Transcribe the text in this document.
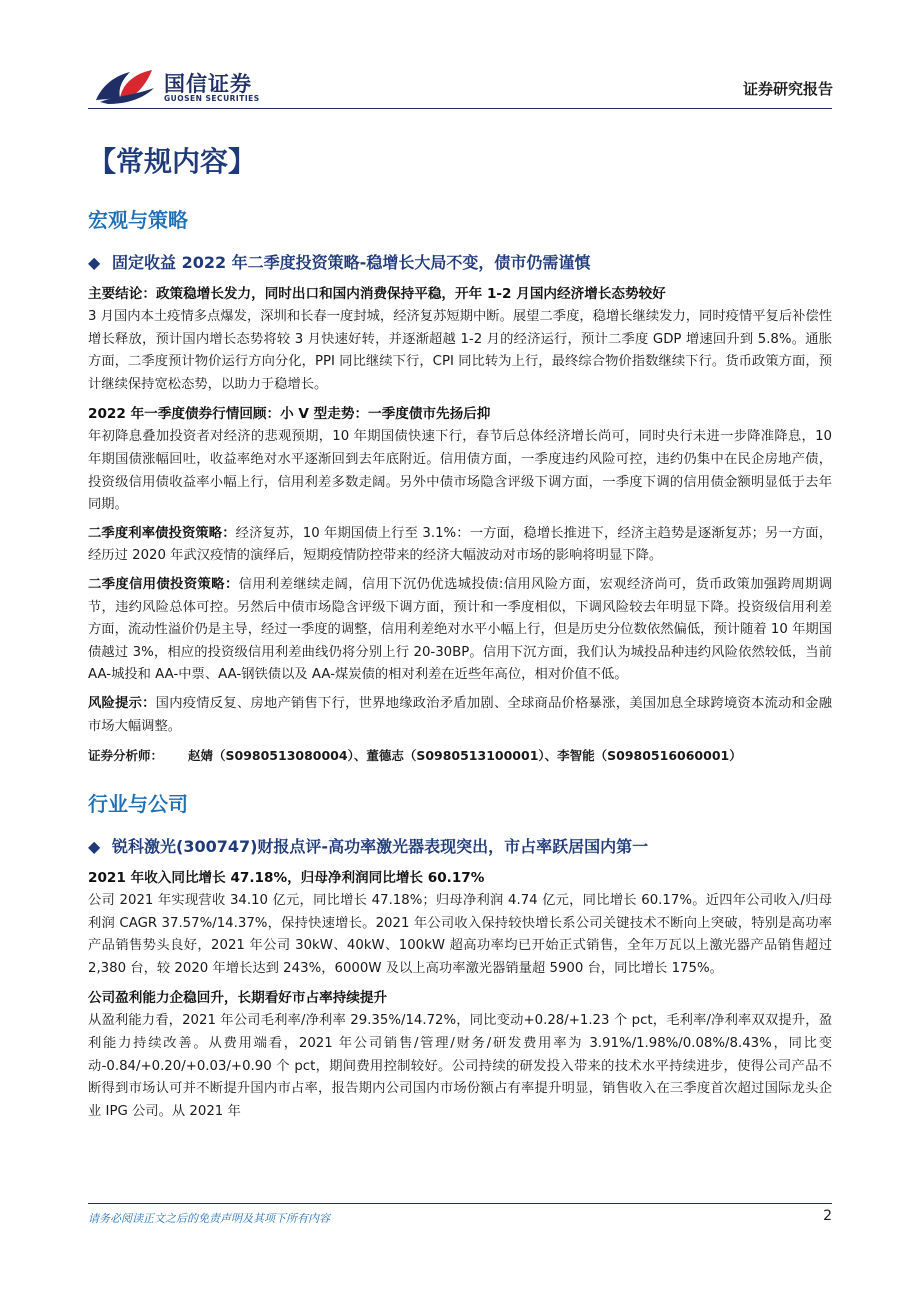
国信证券
GUOSEN SECURITIES
证券研究报告
【常规内容】
宏观与策略
◆ 固定收益 2022 年二季度投资策略-稳增长大局不变，债市仍需谨慎
主要结论：政策稳增长发力，同时出口和国内消费保持平稳，开年 1-2 月国内经济增长态势较好
3 月国内本土疫情多点爆发，深圳和长春一度封城，经济复苏短期中断。展望二季度，稳增长继续发力，同时疫情平复后补偿性增长释放，预计国内增长态势将较 3 月快速好转，并逐渐超越 1-2 月的经济运行，预计二季度 GDP 增速回升到 5.8%。通胀方面，二季度预计物价运行方向分化，PPI 同比继续下行，CPI 同比转为上行，最终综合物价指数继续下行。货币政策方面，预计继续保持宽松态势，以助力于稳增长。
2022 年一季度债券行情回顾：小 V 型走势：一季度债市先扬后抑
年初降息叠加投资者对经济的悲观预期，10 年期国债快速下行，春节后总体经济增长尚可，同时央行未进一步降准降息，10 年期国债涨幅回吐，收益率绝对水平逐渐回到去年底附近。信用债方面，一季度违约风险可控，违约仍集中在民企房地产债，投资级信用债收益率小幅上行，信用利差多数走阔。另外中债市场隐含评级下调方面，一季度下调的信用债金额明显低于去年同期。
二季度利率债投资策略：经济复苏，10 年期国债上行至 3.1%：一方面，稳增长推进下，经济主趋势是逐渐复苏；另一方面，经历过 2020 年武汉疫情的演绎后，短期疫情防控带来的经济大幅波动对市场的影响将明显下降。
二季度信用债投资策略：信用利差继续走阔，信用下沉仍优选城投债:信用风险方面，宏观经济尚可，货币政策加强跨周期调节，违约风险总体可控。另然后中债市场隐含评级下调方面，预计和一季度相似，下调风险较去年明显下降。投资级信用利差方面，流动性溢价仍是主导，经过一季度的调整，信用利差绝对水平小幅上行，但是历史分位数依然偏低，预计随着 10 年期国债越过 3%，相应的投资级信用利差曲线仍将分别上行 20-30BP。信用下沉方面，我们认为城投品种违约风险依然较低，当前 AA-城投和 AA-中票、AA-钢铁债以及 AA-煤炭债的相对利差在近些年高位，相对价值不低。
风险提示：国内疫情反复、房地产销售下行，世界地缘政治矛盾加剧、全球商品价格暴涨，美国加息全球跨境资本流动和金融市场大幅调整。
证券分析师： 赵婧（S0980513080004）、董德志（S0980513100001）、李智能（S0980516060001）
行业与公司
◆ 锐科激光(300747)财报点评-高功率激光器表现突出，市占率跃居国内第一
2021 年收入同比增长 47.18%，归母净利润同比增长 60.17%
公司 2021 年实现营收 34.10 亿元，同比增长 47.18%；归母净利润 4.74 亿元，同比增长 60.17%。近四年公司收入/归母利润 CAGR 37.57%/14.37%，保持快速增长。2021 年公司收入保持较快增长系公司关键技术不断向上突破，特别是高功率产品销售势头良好，2021 年公司 30kW、40kW、100kW 超高功率均已开始正式销售，全年万瓦以上激光器产品销售超过 2,380 台，较 2020 年增长达到 243%，6000W 及以上高功率激光器销量超 5900 台，同比增长 175%。
公司盈利能力企稳回升，长期看好市占率持续提升
从盈利能力看，2021 年公司毛利率/净利率 29.35%/14.72%，同比变动+0.28/+1.23 个 pct，毛利率/净利率双双提升，盈利能力持续改善。从费用端看，2021 年公司销售/管理/财务/研发费用率为 3.91%/1.98%/0.08%/8.43%，同比变动-0.84/+0.20/+0.03/+0.90 个 pct，期间费用控制较好。公司持续的研发投入带来的技术水平持续进步，使得公司产品不断得到市场认可并不断提升国内市占率，报告期内公司国内市场份额占有率提升明显，销售收入在三季度首次超过国际龙头企业 IPG 公司。从 2021 年
请务必阅读正文之后的免责声明及其项下所有内容	2
